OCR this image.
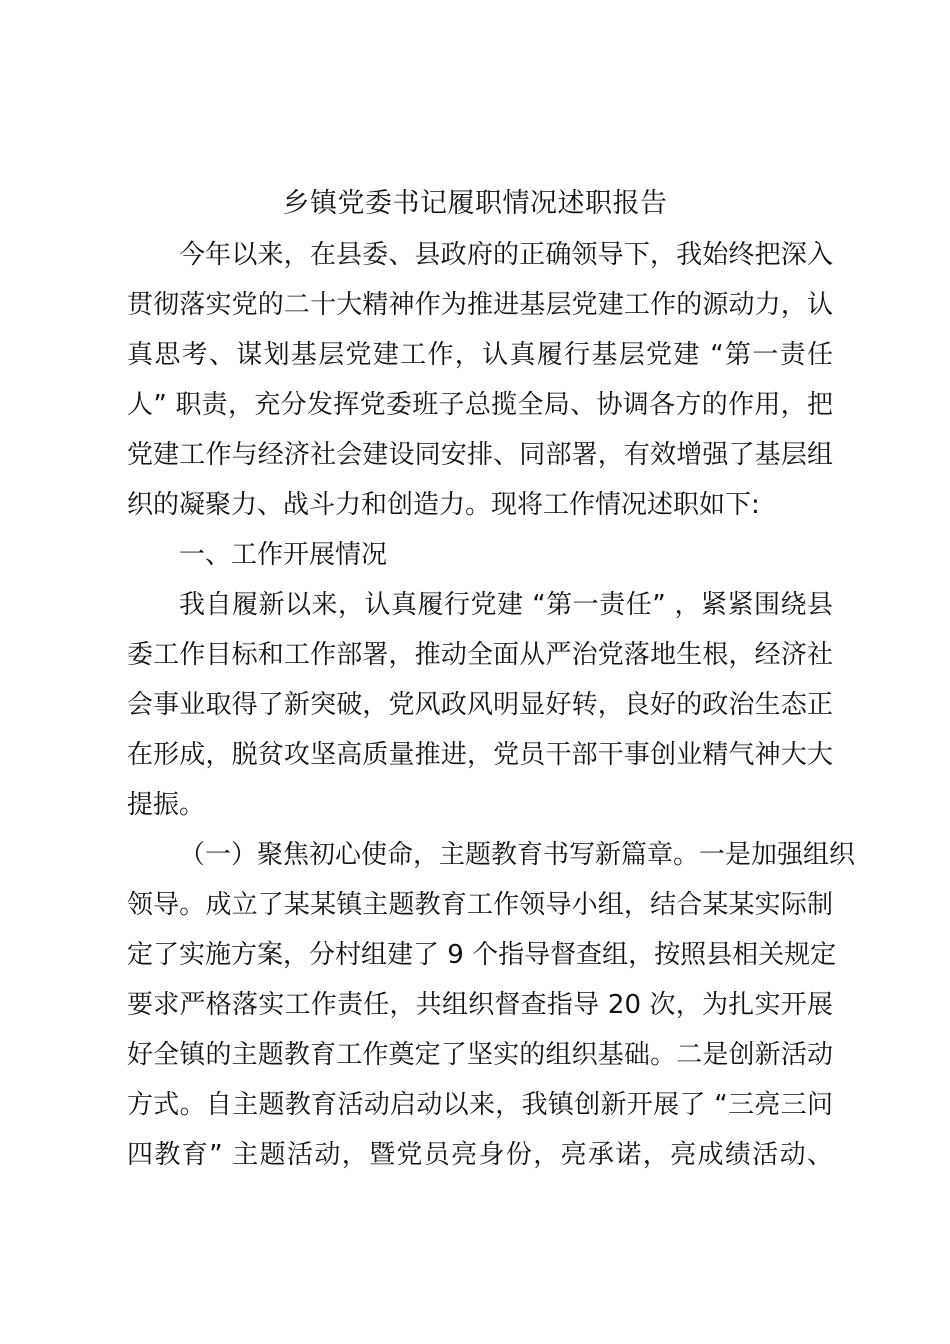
乡镇党委书记履职情况述职报告
今年以来，在县委、县政府的正确领导下，我始终把深入
贯彻落实党的二十大精神作为推进基层党建工作的源动力，认
真思考、谋划基层党建工作，认真履行基层党建 “第一责任
人” 职责，充分发挥党委班子总揽全局、协调各方的作用，把
党建工作与经济社会建设同安排、同部署，有效增强了基层组
织的凝聚力、战斗力和创造力。现将工作情况述职如下:
一、工作开展情况
我自履新以来，认真履行党建 “第一责任” ，紧紧围绕县
委工作目标和工作部署，推动全面从严治党落地生根，经济社
会事业取得了新突破，党风政风明显好转，良好的政治生态正
在形成，脱贫攻坚高质量推进，党员干部干事创业精气神大大
提振。
（一）聚焦初心使命，主题教育书写新篇章。一是加强组织
领导。成立了某某镇主题教育工作领导小组，结合某某实际制
定了实施方案，分村组建了 9 个指导督查组，按照县相关规定
要求严格落实工作责任，共组织督查指导 20 次，为扎实开展
好全镇的主题教育工作奠定了坚实的组织基础。二是创新活动
方式。自主题教育活动启动以来，我镇创新开展了 “三亮三问
四教育” 主题活动，暨党员亮身份，亮承诺，亮成绩活动、
